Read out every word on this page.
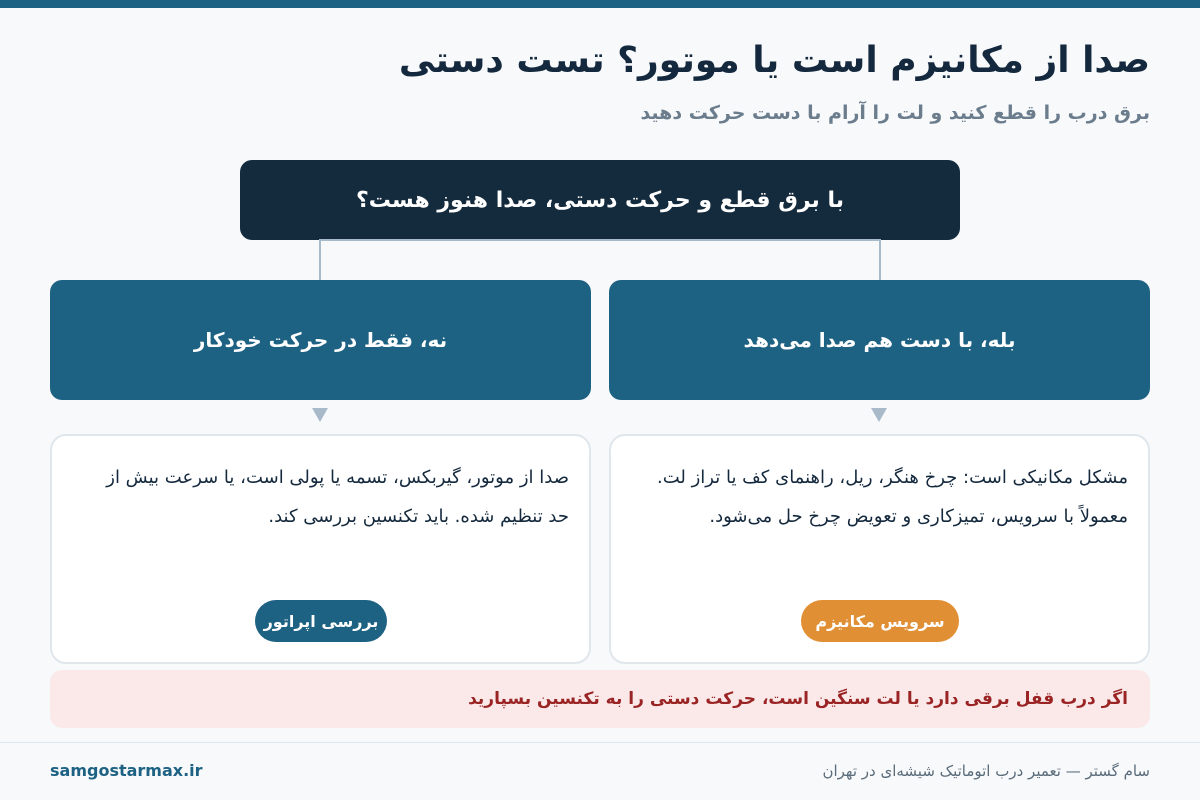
صدا از مکانیزم است یا موتور؟ تست دستی
برق درب را قطع کنید و لت را آرام با دست حرکت دهید
با برق قطع و حرکت دستی، صدا هنوز هست؟
بله، با دست هم صدا می‌دهد
نه، فقط در حرکت خودکار
مشکل مکانیکی است: چرخ هنگر، ریل، راهنمای کف یا تراز لت.
معمولاً با سرویس، تمیزکاری و تعویض چرخ حل می‌شود.
سرویس مکانیزم
صدا از موتور، گیربکس، تسمه یا پولی است، یا سرعت بیش از
حد تنظیم شده. باید تکنسین بررسی کند.
بررسی اپراتور
اگر درب قفل برقی دارد یا لت سنگین است، حرکت دستی را به تکنسین بسپارید
سام گستر — تعمیر درب اتوماتیک شیشه‌ای در تهران
samgostarmax.ir
